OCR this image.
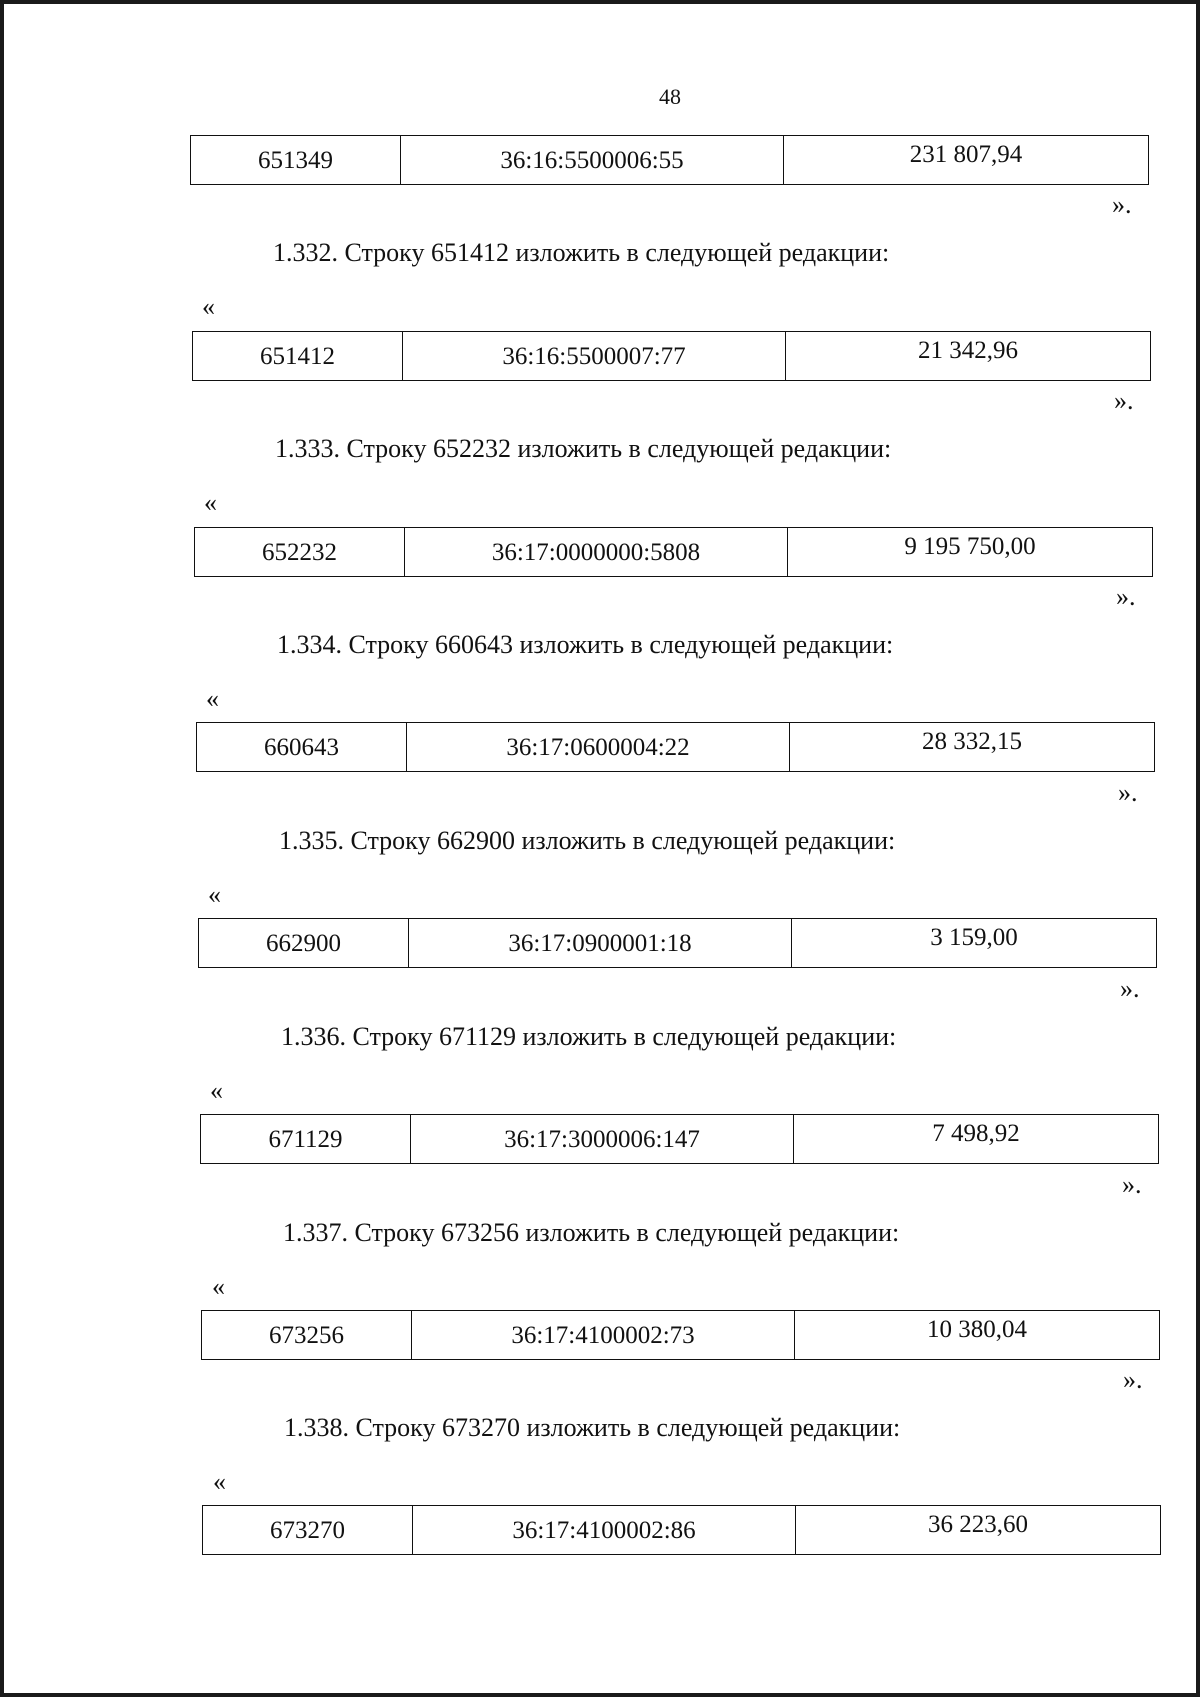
48
651349	36:16:5500006:55	231 807,94
».
1.332. Строку 651412 изложить в следующей редакции:
«
651412	36:16:5500007:77	21 342,96
».
1.333. Строку 652232 изложить в следующей редакции:
«
652232	36:17:0000000:5808	9 195 750,00
».
1.334. Строку 660643 изложить в следующей редакции:
«
660643	36:17:0600004:22	28 332,15
».
1.335. Строку 662900 изложить в следующей редакции:
«
662900	36:17:0900001:18	3 159,00
».
1.336. Строку 671129 изложить в следующей редакции:
«
671129	36:17:3000006:147	7 498,92
».
1.337. Строку 673256 изложить в следующей редакции:
«
673256	36:17:4100002:73	10 380,04
».
1.338. Строку 673270 изложить в следующей редакции:
«
673270	36:17:4100002:86	36 223,60
